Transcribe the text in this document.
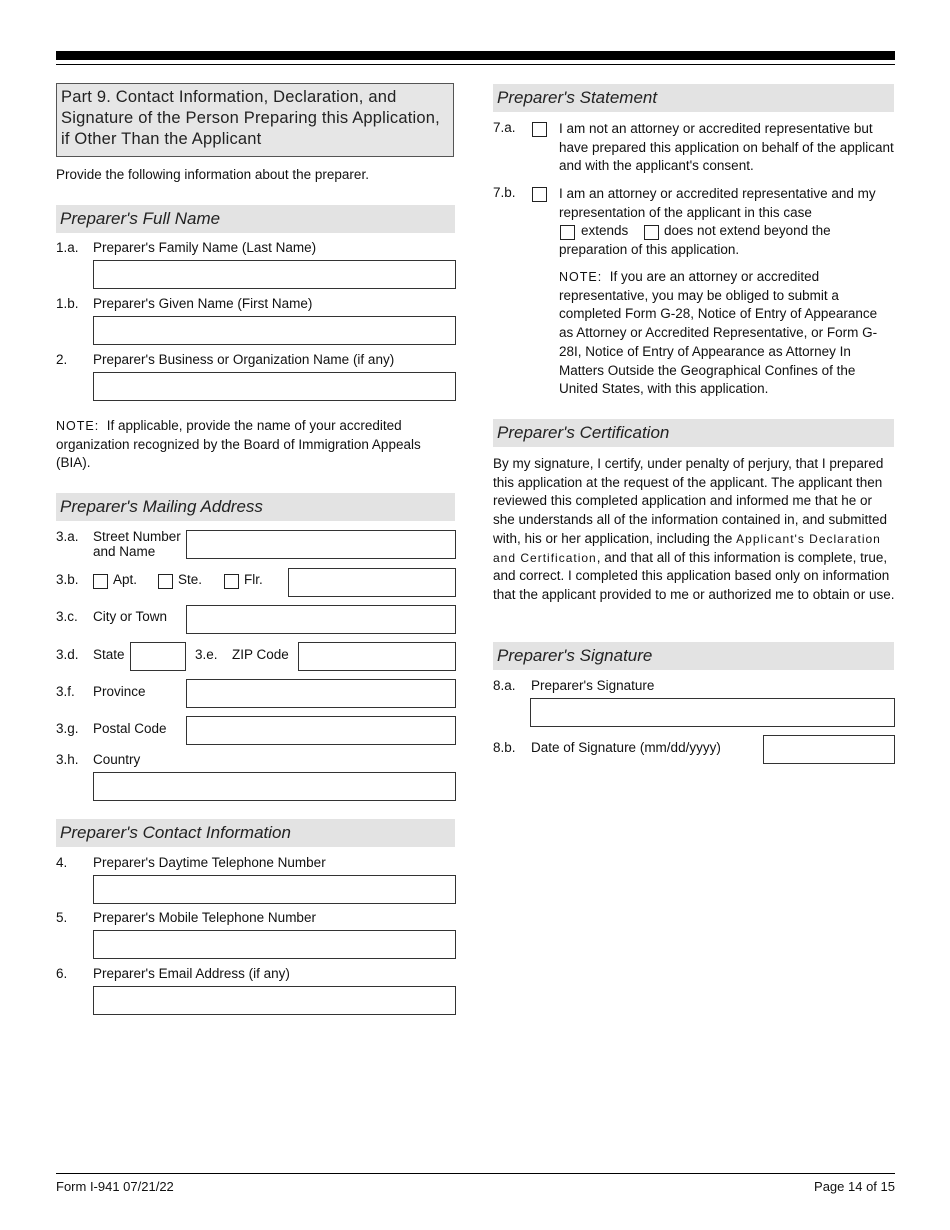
Part 9. Contact Information, Declaration, and Signature of the Person Preparing this Application, if Other Than the Applicant
Provide the following information about the preparer.
Preparer's Full Name
1.a. Preparer's Family Name (Last Name)
1.b. Preparer's Given Name (First Name)
2. Preparer's Business or Organization Name (if any)
NOTE: If applicable, provide the name of your accredited organization recognized by the Board of Immigration Appeals (BIA).
Preparer's Mailing Address
3.a. Street Number
and Name
3.b.	Apt.	Ste.	Flr.
3.c. City or Town
3.d. State	3.e. ZIP Code
3.f. Province
3.g. Postal Code
3.h. Country
Preparer's Contact Information
4. Preparer's Daytime Telephone Number
5. Preparer's Mobile Telephone Number
6. Preparer's Email Address (if any)
Preparer's Statement
7.a.	I am not an attorney or accredited representative but have prepared this application on behalf of the applicant and with the applicant's consent.
7.b.	I am an attorney or accredited representative and my representation of the applicant in this case
extends	does not extend beyond the
preparation of this application.
NOTE: If you are an attorney or accredited representative, you may be obliged to submit a completed Form G-28, Notice of Entry of Appearance as Attorney or Accredited Representative, or Form G-28I, Notice of Entry of Appearance as Attorney In Matters Outside the Geographical Confines of the United States, with this application.
Preparer's Certification
By my signature, I certify, under penalty of perjury, that I prepared this application at the request of the applicant. The applicant then reviewed this completed application and informed me that he or she understands all of the information contained in, and submitted with, his or her application, including the Applicant's Declaration and Certification, and that all of this information is complete, true, and correct. I completed this application based only on information that the applicant provided to me or authorized me to obtain or use.
Preparer's Signature
8.a. Preparer's Signature
8.b. Date of Signature (mm/dd/yyyy)
Form I-941 07/21/22	Page 14 of 15
